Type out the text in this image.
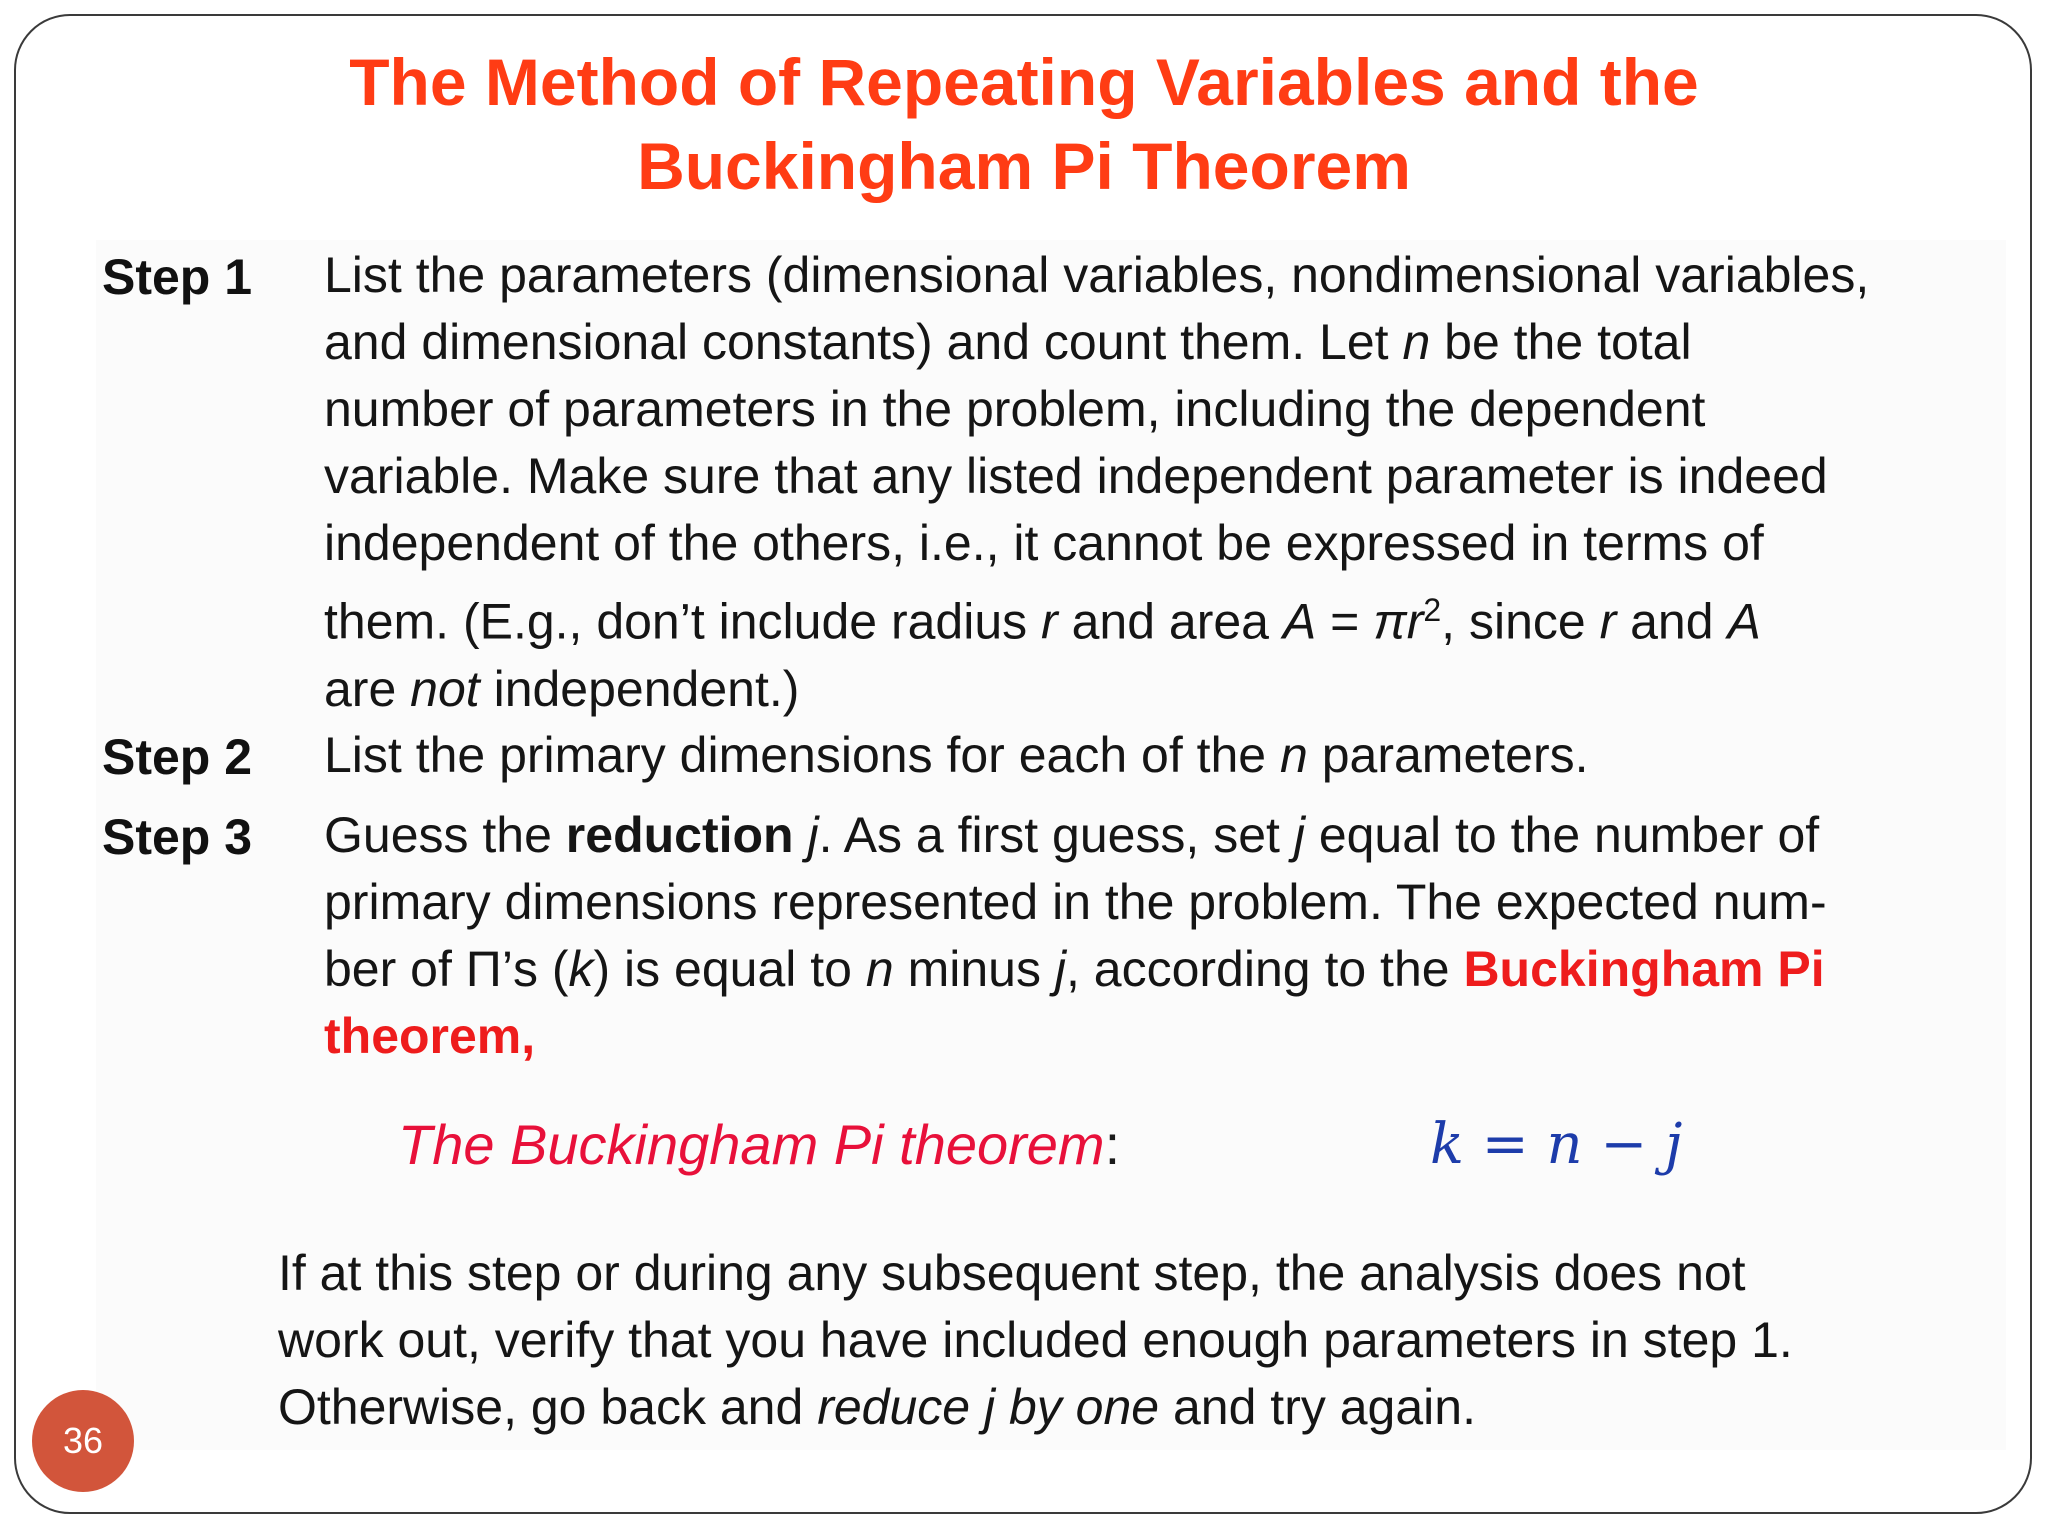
The Method of Repeating Variables and the
Buckingham Pi Theorem
Step 1 List the parameters (dimensional variables, nondimensional variables,
and dimensional constants) and count them. Let n be the total
number of parameters in the problem, including the dependent
variable. Make sure that any listed independent parameter is indeed
independent of the others, i.e., it cannot be expressed in terms of
them. (E.g., don’t include radius r and area $A = \pi r^2$, since r and A
are not independent.)
Step 2 List the primary dimensions for each of the n parameters.
Step 3 Guess the reduction j. As a first guess, set j equal to the number of
primary dimensions represented in the problem. The expected num-
ber of Π’s (k) is equal to n minus j, according to the Buckingham Pi
theorem,
The Buckingham Pi theorem:	k = n − j
If at this step or during any subsequent step, the analysis does not
work out, verify that you have included enough parameters in step 1.
Otherwise, go back and reduce j by one and try again.
36
